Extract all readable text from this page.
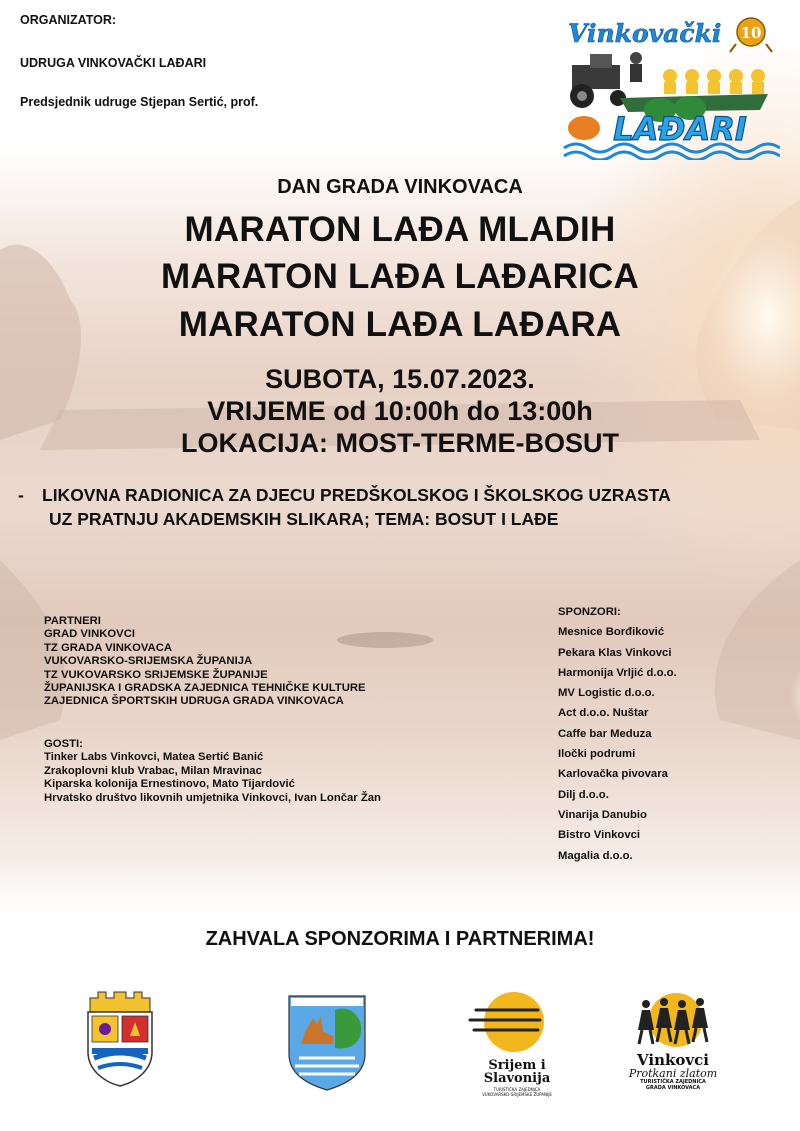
ORGANIZATOR:
UDRUGA VINKOVAČKI LAĐARI
Predsjednik udruge Stjepan Sertić, prof.
Vinkovački 10
LAĐARI
DAN GRADA VINKOVACA
MARATON LAĐA MLADIH
MARATON LAĐA LAĐARICA
MARATON LAĐA LAĐARA
SUBOTA, 15.07.2023.
VRIJEME od 10:00h do 13:00h
LOKACIJA: MOST-TERME-BOSUT
- LIKOVNA RADIONICA ZA DJECU PREDŠKOLSKOG I ŠKOLSKOG UZRASTA
UZ PRATNJU AKADEMSKIH SLIKARA; TEMA: BOSUT I LAĐE
PARTNERI
GRAD VINKOVCI
TZ GRADA VINKOVACA
VUKOVARSKO-SRIJEMSKA ŽUPANIJA
TZ VUKOVARSKO SRIJEMSKE ŽUPANIJE
ŽUPANIJSKA I GRADSKA ZAJEDNICA TEHNIČKE KULTURE
ZAJEDNICA ŠPORTSKIH UDRUGA GRADA VINKOVACA
GOSTI:
Tinker Labs Vinkovci, Matea Sertić Banić
Zrakoplovni klub Vrabac, Milan Mravinac
Kiparska kolonija Ernestinovo, Mato Tijardović
Hrvatsko društvo likovnih umjetnika Vinkovci, Ivan Lončar Žan
SPONZORI:
Mesnice Borđiković
Pekara Klas Vinkovci
Harmonija Vrljić d.o.o.
MV Logistic d.o.o.
Act d.o.o. Nuštar
Caffe bar Meduza
Iločki podrumi
Karlovačka pivovara
Dilj d.o.o.
Vinarija Danubio
Bistro Vinkovci
Magalia d.o.o.
ZAHVALA SPONZORIMA I PARTNERIMA!
Srijem i
Slavonija
TURISTIČKA ZAJEDNICA
VUKOVARSKO-SRIJEMSKE ŽUPANIJE
Vinkovci
Protkani zlatom
TURISTIČKA ZAJEDNICA
GRADA VINKOVACA
